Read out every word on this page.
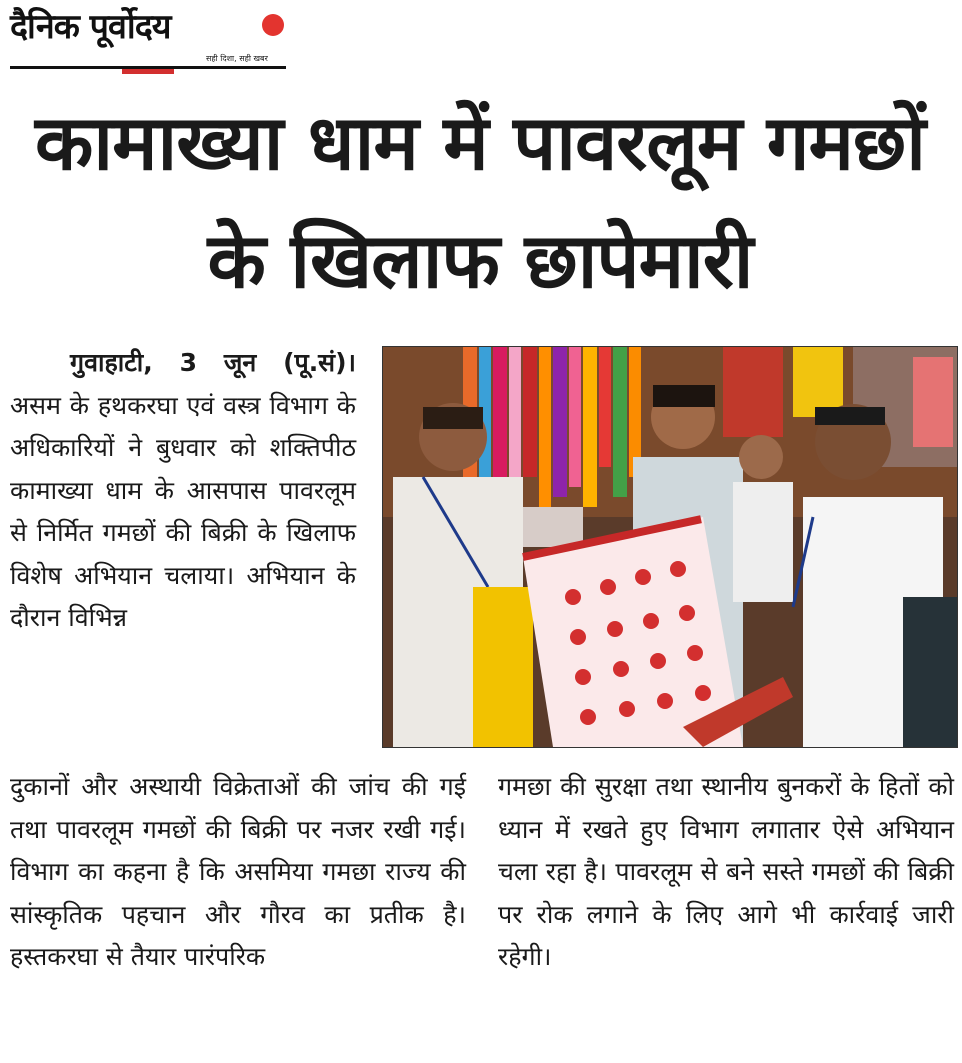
दैनिक पूर्वोदय
सही दिशा, सही खबर
कामाख्या धाम में पावरलूम गमछों के खिलाफ छापेमारी

गुवाहाटी, 3 जून (पू.सं)। असम के हथकरघा एवं वस्त्र विभाग के अधिकारियों ने बुधवार को शक्तिपीठ कामाख्या धाम के आसपास पावरलूम से निर्मित गमछों की बिक्री के खिलाफ विशेष अभियान चलाया। अभियान के दौरान विभिन्न

दुकानों और अस्थायी विक्रेताओं की जांच की गई तथा पावरलूम गमछों की बिक्री पर नजर रखी गई। विभाग का कहना है कि असमिया गमछा राज्य की सांस्कृतिक पहचान और गौरव का प्रतीक है। हस्तकरघा से तैयार पारंपरिक

गमछा की सुरक्षा तथा स्थानीय बुनकरों के हितों को ध्यान में रखते हुए विभाग लगातार ऐसे अभियान चला रहा है। पावरलूम से बने सस्ते गमछों की बिक्री पर रोक लगाने के लिए आगे भी कार्रवाई जारी रहेगी।
